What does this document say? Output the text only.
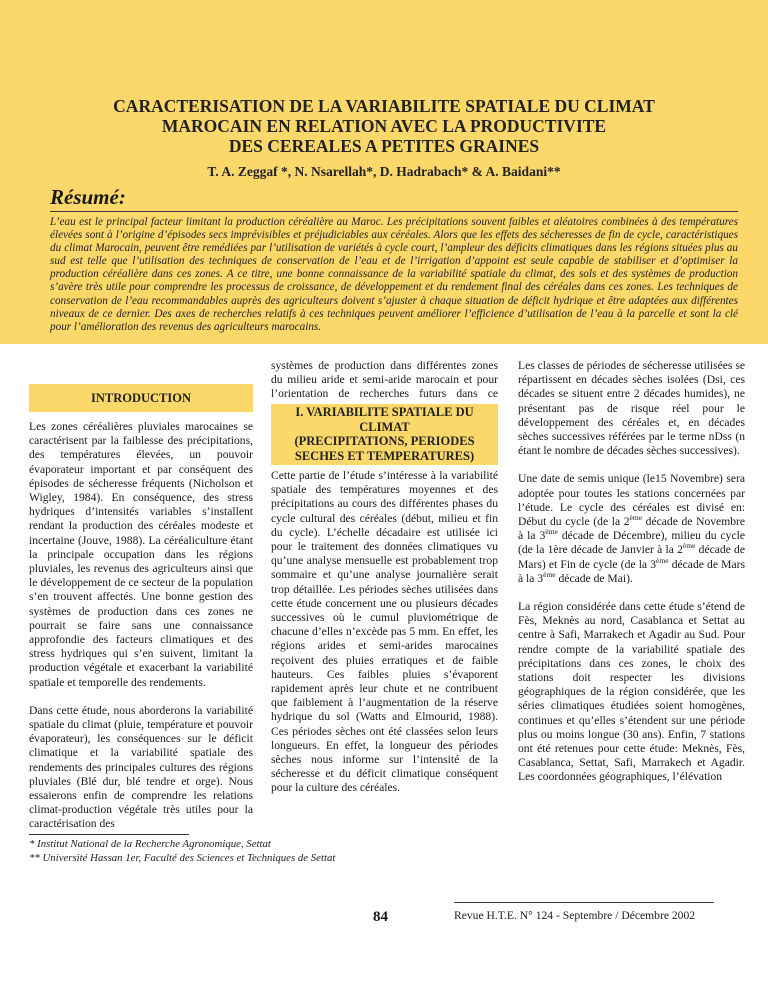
CARACTERISATION DE LA VARIABILITE SPATIALE DU CLIMAT
MAROCAIN EN RELATION AVEC LA PRODUCTIVITE
DES CEREALES A PETITES GRAINES
T. A. Zeggaf *, N. Nsarellah*, D. Hadrabach* & A. Baidani**
Résumé:
L’eau est le principal facteur limitant la production céréalière au Maroc. Les précipitations souvent faibles et aléatoires combinées à des températures élevées sont à l’origine d’épisodes secs imprévisibles et préjudiciables aux céréales. Alors que les effets des sécheresses de fin de cycle, caractéristiques du climat Marocain, peuvent être remédiées par l’utilisation de variétés à cycle court, l’ampleur des déficits climatiques dans les régions situées plus au sud est telle que l’utilisation des techniques de conservation de l’eau et de l’irrigation d’appoint est seule capable de stabiliser et d’optimiser la production céréalière dans ces zones. A ce titre, une bonne connaissance de la variabilité spatiale du climat, des sols et des systèmes de production s’avère très utile pour comprendre les processus de croissance, de développement et du rendement final des céréales dans ces zones. Les techniques de conservation de l’eau recommandables auprès des agriculteurs doivent s’ajuster à chaque situation de déficit hydrique et être adaptées aux différentes niveaux de ce dernier. Des axes de recherches relatifs à ces techniques peuvent améliorer l’efficience d’utilisation de l’eau à la parcelle et sont la clé pour l’amélioration des revenus des agriculteurs marocains.
INTRODUCTION

Les zones céréalières pluviales marocaines se caractérisent par la faiblesse des précipitations, des températures élevées, un pouvoir évaporateur important et par conséquent des épisodes de sécheresse fréquents (Nicholson et Wigley, 1984). En conséquence, des stress hydriques d’intensités variables s’installent rendant la production des céréales modeste et incertaine (Jouve, 1988). La céréaliculture étant la principale occupation dans les régions pluviales, les revenus des agriculteurs ainsi que le développement de ce secteur de la population s’en trouvent affectés. Une bonne gestion des systèmes de production dans ces zones ne pourrait se faire sans une connaissance approfondie des facteurs climatiques et des stress hydriques qui s’en suivent, limitant la production végétale et exacerbant la variabilité spatiale et temporelle des rendements.

Dans cette étude, nous aborderons la variabilité spatiale du climat (pluie, température et pouvoir évaporateur), les conséquences sur le déficit climatique et la variabilité spatiale des rendements des principales cultures des régions pluviales (Blé dur, blé tendre et orge). Nous essaierons enfin de comprendre les relations climat-production végétale très utiles pour la caractérisation des

systèmes de production dans différentes zones du milieu aride et semi-aride marocain et pour l’orientation de recherches futurs dans ce
I. VARIABILITE SPATIALE DU
CLIMAT
(PRECIPITATIONS, PERIODES
SECHES ET TEMPERATURES)
Cette partie de l’étude s’intéresse à la variabilité spatiale des températures moyennes et des précipitations au cours des différentes phases du cycle cultural des céréales (début, milieu et fin du cycle). L’échelle décadaire est utilisée ici pour le traitement des données climatiques vu qu’une analyse mensuelle est probablement trop sommaire et qu’une analyse journalière serait trop détaillée. Les périodes sèches utilisées dans cette étude concernent une ou plusieurs décades successives où le cumul pluviométrique de chacune d’elles n’excède pas 5 mm. En effet, les régions arides et semi-arides marocaines reçoivent des pluies erratiques et de faible hauteurs. Ces faibles pluies s’évaporent rapidement après leur chute et ne contribuent que faiblement à l’augmentation de la réserve hydrique du sol (Watts and Elmourid, 1988). Ces périodes sèches ont été classées selon leurs longueurs. En effet, la longueur des périodes sèches nous informe sur l’intensité de la sécheresse et du déficit climatique conséquent pour la culture des céréales.

Les classes de périodes de sécheresse utilisées se répartissent en décades sèches isolées (Dsi, ces décades se situent entre 2 décades humides), ne présentant pas de risque réel pour le développement des céréales et, en décades sèches successives référées par le terme nDss (n étant le nombre de décades sèches successives).

Une date de semis unique (le15 Novembre) sera adoptée pour toutes les stations concernées par l’étude. Le cycle des céréales est divisé en: Début du cycle (de la 2ème décade de Novembre à la 3ème décade de Décembre), milieu du cycle (de la 1ère décade de Janvier à la 2ème décade de Mars) et Fin de cycle (de la 3ème décade de Mars à la 3ème décade de Mai).

La région considérée dans cette étude s’étend de Fès, Meknès au nord, Casablanca et Settat au centre à Safi, Marrakech et Agadir au Sud. Pour rendre compte de la variabilité spatiale des précipitations dans ces zones, le choix des stations doit respecter les divisions géographiques de la région considérée, que les séries climatiques étudiées soient homogènes, continues et qu’elles s’étendent sur une période plus ou moins longue (30 ans). Enfin, 7 stations ont été retenues pour cette étude: Meknès, Fès, Casablanca, Settat, Safi, Marrakech et Agadir. Les coordonnées géographiques, l’élévation

* Institut National de la Recherche Agronomique, Settat
** Université Hassan 1er, Faculté des Sciences et Techniques de Settat
84	Revue H.T.E. N° 124 - Septembre / Décembre 2002
